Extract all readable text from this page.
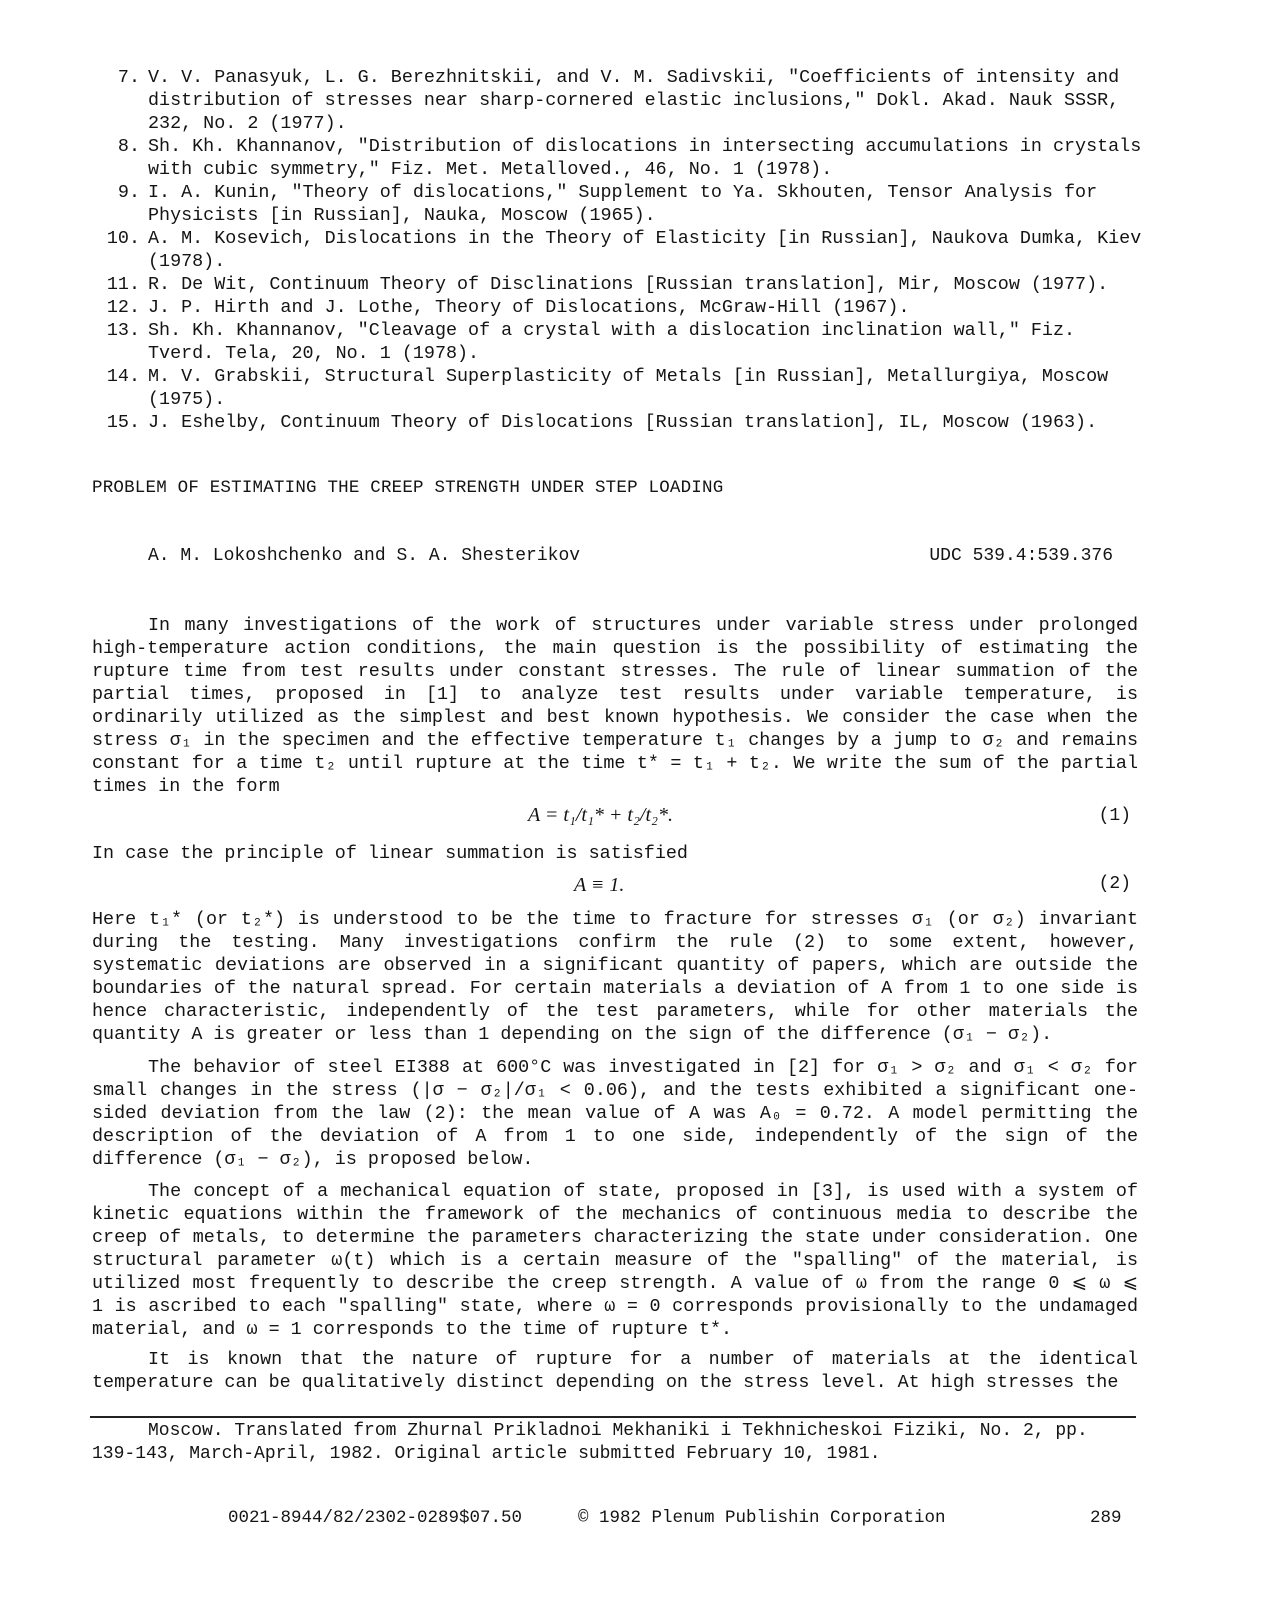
7. V. V. Panasyuk, L. G. Berezhnitskii, and V. M. Sadivskii, "Coefficients of intensity and distribution of stresses near sharp-cornered elastic inclusions," Dokl. Akad. Nauk SSSR, 232, No. 2 (1977).
8. Sh. Kh. Khannanov, "Distribution of dislocations in intersecting accumulations in crystals with cubic symmetry," Fiz. Met. Metalloved., 46, No. 1 (1978).
9. I. A. Kunin, "Theory of dislocations," Supplement to Ya. Skhouten, Tensor Analysis for Physicists [in Russian], Nauka, Moscow (1965).
10. A. M. Kosevich, Dislocations in the Theory of Elasticity [in Russian], Naukova Dumka, Kiev (1978).
11. R. De Wit, Continuum Theory of Disclinations [Russian translation], Mir, Moscow (1977).
12. J. P. Hirth and J. Lothe, Theory of Dislocations, McGraw-Hill (1967).
13. Sh. Kh. Khannanov, "Cleavage of a crystal with a dislocation inclination wall," Fiz. Tverd. Tela, 20, No. 1 (1978).
14. M. V. Grabskii, Structural Superplasticity of Metals [in Russian], Metallurgiya, Moscow (1975).
15. J. Eshelby, Continuum Theory of Dislocations [Russian translation], IL, Moscow (1963).
PROBLEM OF ESTIMATING THE CREEP STRENGTH UNDER STEP LOADING
A. M. Lokoshchenko and S. A. Shesterikov	UDC 539.4:539.376

In many investigations of the work of structures under variable stress under prolonged high-temperature action conditions, the main question is the possibility of estimating the rupture time from test results under constant stresses. The rule of linear summation of the partial times, proposed in [1] to analyze test results under variable temperature, is ordinarily utilized as the simplest and best known hypothesis. We consider the case when the stress σ₁ in the specimen and the effective temperature t₁ changes by a jump to σ₂ and remains constant for a time t₂ until rupture at the time t* = t₁ + t₂. We write the sum of the partial times in the form

A = t₁/t₁* + t₂/t₂*.	(1)

In case the principle of linear summation is satisfied

A ≡ 1.	(2)

Here t₁* (or t₂*) is understood to be the time to fracture for stresses σ₁ (or σ₂) invariant during the testing. Many investigations confirm the rule (2) to some extent, however, systematic deviations are observed in a significant quantity of papers, which are outside the boundaries of the natural spread. For certain materials a deviation of A from 1 to one side is hence characteristic, independently of the test parameters, while for other materials the quantity A is greater or less than 1 depending on the sign of the difference (σ₁ − σ₂).

The behavior of steel EI388 at 600°C was investigated in [2] for σ₁ > σ₂ and σ₁ < σ₂ for small changes in the stress (|σ − σ₂|/σ₁ < 0.06), and the tests exhibited a significant one-sided deviation from the law (2): the mean value of A was A₀ = 0.72. A model permitting the description of the deviation of A from 1 to one side, independently of the sign of the difference (σ₁ − σ₂), is proposed below.

The concept of a mechanical equation of state, proposed in [3], is used with a system of kinetic equations within the framework of the mechanics of continuous media to describe the creep of metals, to determine the parameters characterizing the state under consideration. One structural parameter ω(t) which is a certain measure of the "spalling" of the material, is utilized most frequently to describe the creep strength. A value of ω from the range 0 ⩽ ω ⩽ 1 is ascribed to each "spalling" state, where ω = 0 corresponds provisionally to the undamaged material, and ω = 1 corresponds to the time of rupture t*.

It is known that the nature of rupture for a number of materials at the identical temperature can be qualitatively distinct depending on the stress level. At high stresses the

Moscow. Translated from Zhurnal Prikladnoi Mekhaniki i Tekhnicheskoi Fiziki, No. 2, pp. 139-143, March-April, 1982. Original article submitted February 10, 1981.

0021-8944/82/2302-0289$07.50	© 1982 Plenum Publishin Corporation	289
